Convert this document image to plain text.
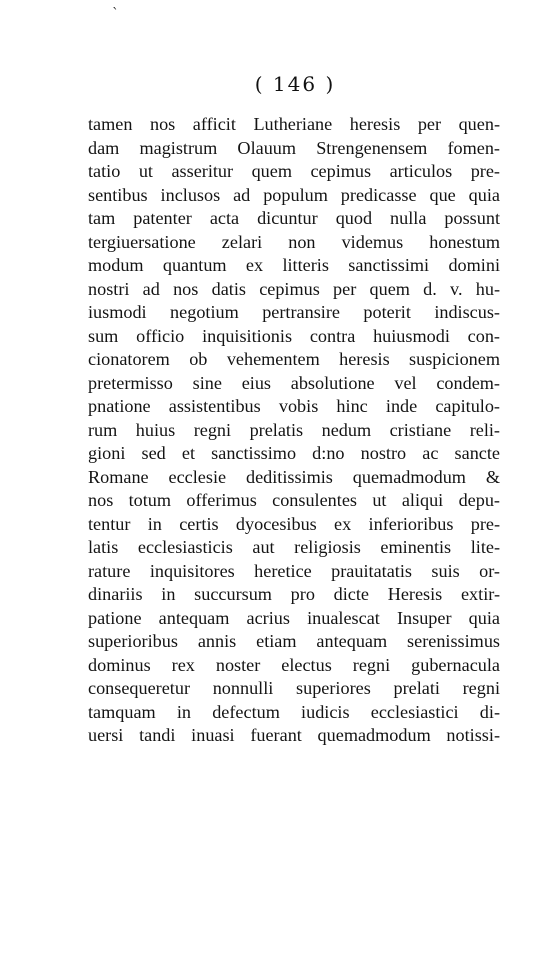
`
( 146 )
tamen nos afficit Lutheriane heresis per quen-
dam magistrum Olauum Strengenensem fomen-
tatio ut asseritur quem cepimus articulos pre-
sentibus inclusos ad populum predicasse que quia
tam patenter acta dicuntur quod nulla possunt
tergiuersatione zelari non videmus honestum
modum quantum ex litteris sanctissimi domini
nostri ad nos datis cepimus per quem d. v. hu-
iusmodi negotium pertransire poterit indiscus-
sum officio inquisitionis contra huiusmodi con-
cionatorem ob vehementem heresis suspicionem
pretermisso sine eius absolutione vel condem-
pnatione assistentibus vobis hinc inde capitulo-
rum huius regni prelatis nedum cristiane reli-
gioni sed et sanctissimo d:no nostro ac sancte
Romane ecclesie deditissimis quemadmodum &
nos totum offerimus consulentes ut aliqui depu-
tentur in certis dyocesibus ex inferioribus pre-
latis ecclesiasticis aut religiosis eminentis lite-
rature inquisitores heretice prauitatatis suis or-
dinariis in succursum pro dicte Heresis extir-
patione antequam acrius inualescat Insuper quia
superioribus annis etiam antequam serenissimus
dominus rex noster electus regni gubernacula
consequeretur nonnulli superiores prelati regni
tamquam in defectum iudicis ecclesiastici di-
uersi tandi inuasi fuerant quemadmodum notissi-
